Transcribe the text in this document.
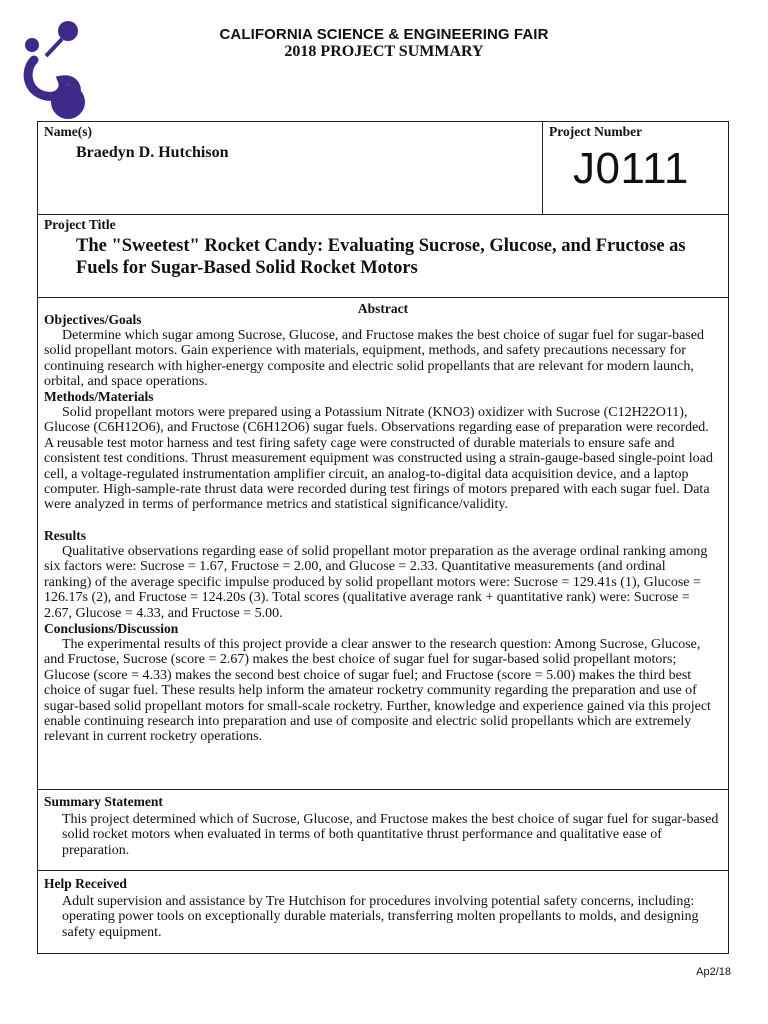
CALIFORNIA SCIENCE & ENGINEERING FAIR
2018 PROJECT SUMMARY
Name(s)
Braedyn D. Hutchison
Project Number
J0111
Project Title
The "Sweetest" Rocket Candy: Evaluating Sucrose, Glucose, and Fructose as Fuels for Sugar-Based Solid Rocket Motors
Abstract
Objectives/Goals
Determine which sugar among Sucrose, Glucose, and Fructose makes the best choice of sugar fuel for sugar-based solid propellant motors. Gain experience with materials, equipment, methods, and safety precautions necessary for continuing research with higher-energy composite and electric solid propellants that are relevant for modern launch, orbital, and space operations.
Methods/Materials
Solid propellant motors were prepared using a Potassium Nitrate (KNO3) oxidizer with Sucrose (C12H22O11), Glucose (C6H12O6), and Fructose (C6H12O6) sugar fuels. Observations regarding ease of preparation were recorded. A reusable test motor harness and test firing safety cage were constructed of durable materials to ensure safe and consistent test conditions. Thrust measurement equipment was constructed using a strain-gauge-based single-point load cell, a voltage-regulated instrumentation amplifier circuit, an analog-to-digital data acquisition device, and a laptop computer. High-sample-rate thrust data were recorded during test firings of motors prepared with each sugar fuel. Data were analyzed in terms of performance metrics and statistical significance/validity.
Results
Qualitative observations regarding ease of solid propellant motor preparation as the average ordinal ranking among six factors were: Sucrose = 1.67, Fructose = 2.00, and Glucose = 2.33. Quantitative measurements (and ordinal ranking) of the average specific impulse produced by solid propellant motors were: Sucrose = 129.41s (1), Glucose = 126.17s (2), and Fructose = 124.20s (3). Total scores (qualitative average rank + quantitative rank) were: Sucrose = 2.67, Glucose = 4.33, and Fructose = 5.00.
Conclusions/Discussion
The experimental results of this project provide a clear answer to the research question: Among Sucrose, Glucose, and Fructose, Sucrose (score = 2.67) makes the best choice of sugar fuel for sugar-based solid propellant motors; Glucose (score = 4.33) makes the second best choice of sugar fuel; and Fructose (score = 5.00) makes the third best choice of sugar fuel. These results help inform the amateur rocketry community regarding the preparation and use of sugar-based solid propellant motors for small-scale rocketry. Further, knowledge and experience gained via this project enable continuing research into preparation and use of composite and electric solid propellants which are extremely relevant in current rocketry operations.
Summary Statement
This project determined which of Sucrose, Glucose, and Fructose makes the best choice of sugar fuel for sugar-based solid rocket motors when evaluated in terms of both quantitative thrust performance and qualitative ease of preparation.
Help Received
Adult supervision and assistance by Tre Hutchison for procedures involving potential safety concerns, including: operating power tools on exceptionally durable materials, transferring molten propellants to molds, and designing safety equipment.
Ap2/18
